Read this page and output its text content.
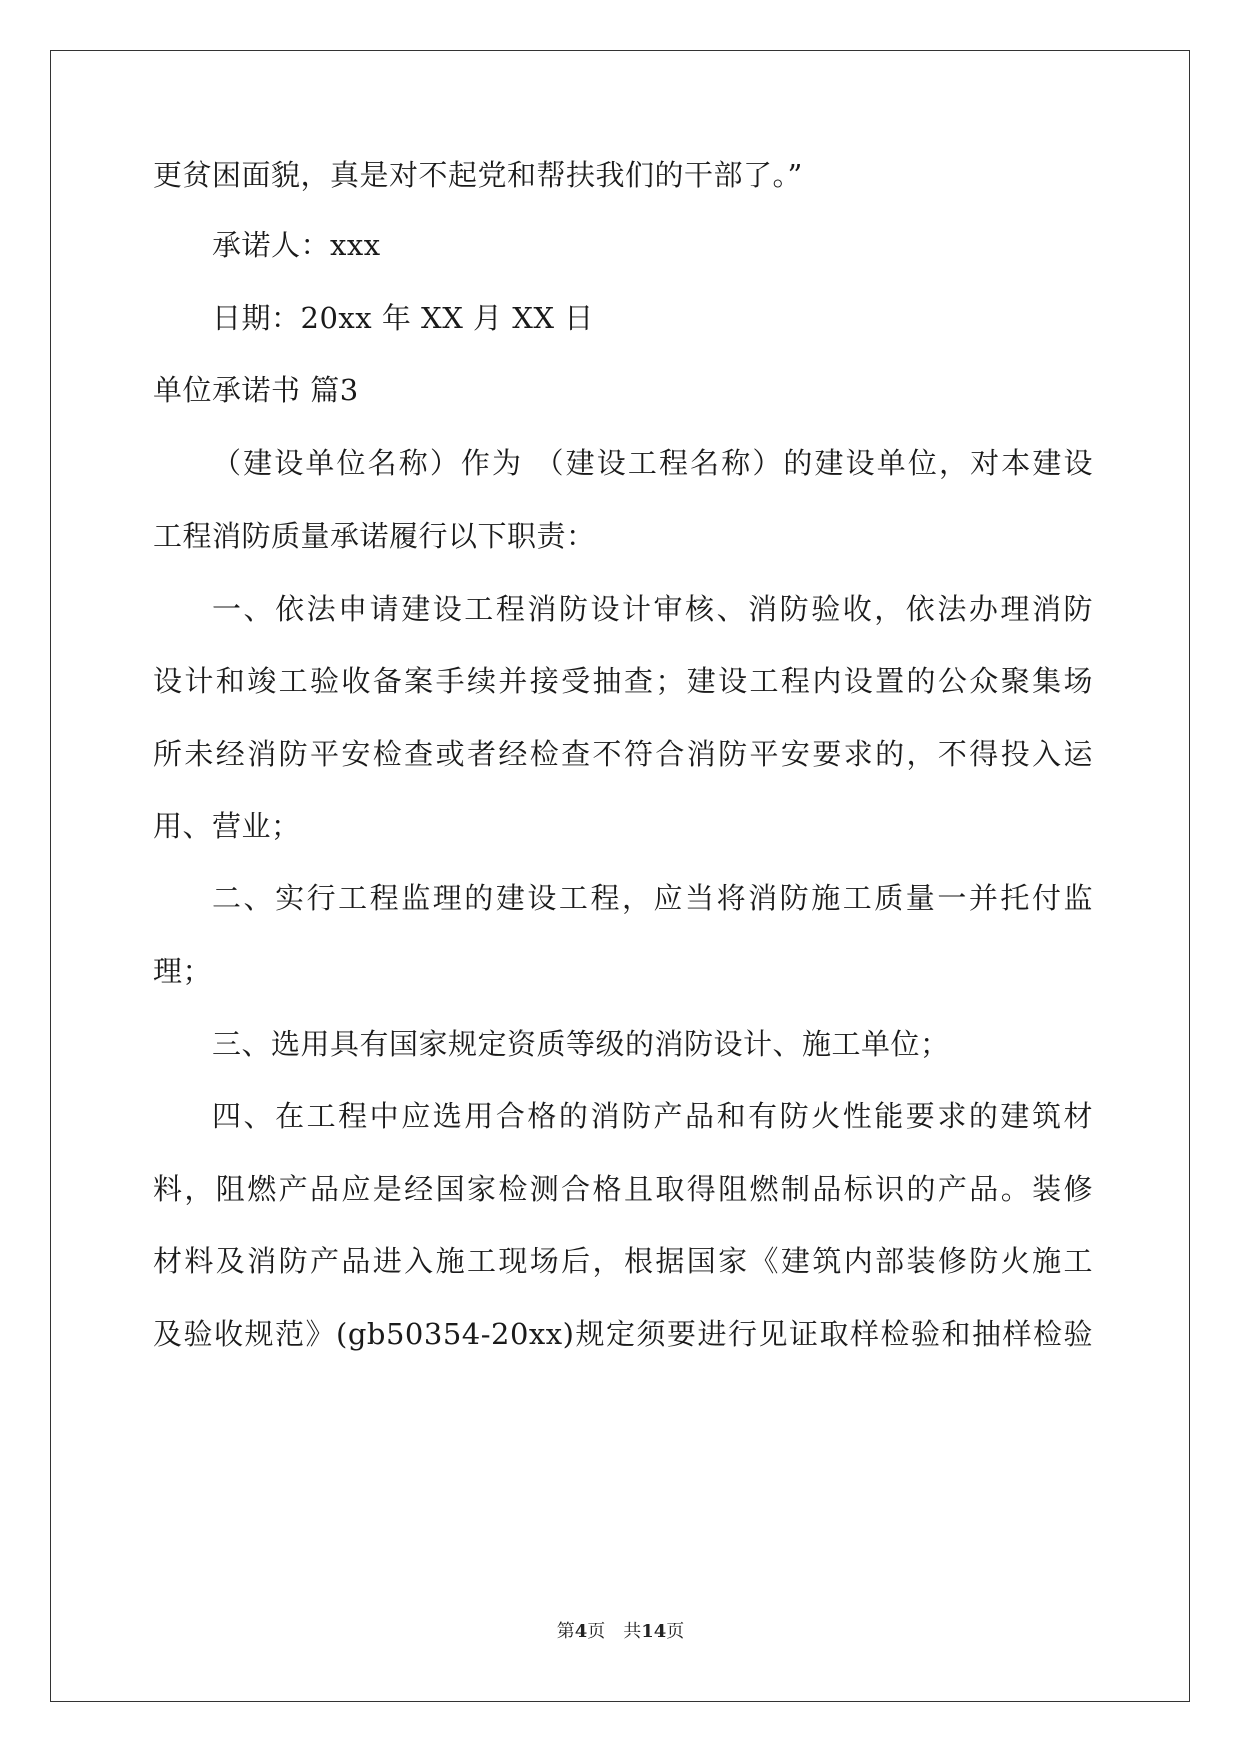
更贫困面貌，真是对不起党和帮扶我们的干部了。”

承诺人：xxx

日期：20xx 年 XX 月 XX 日

单位承诺书 篇3

（建设单位名称）作为 （建设工程名称）的建设单位，对本建设

工程消防质量承诺履行以下职责：

一、依法申请建设工程消防设计审核、消防验收，依法办理消防

设计和竣工验收备案手续并接受抽查；建设工程内设置的公众聚集场

所未经消防平安检查或者经检查不符合消防平安要求的，不得投入运

用、营业；

二、实行工程监理的建设工程，应当将消防施工质量一并托付监

理；

三、选用具有国家规定资质等级的消防设计、施工单位；

四、在工程中应选用合格的消防产品和有防火性能要求的建筑材

料，阻燃产品应是经国家检测合格且取得阻燃制品标识的产品。装修

材料及消防产品进入施工现场后，根据国家《建筑内部装修防火施工

及验收规范》(gb50354-20xx)规定须要进行见证取样检验和抽样检验

第4页 共14页
